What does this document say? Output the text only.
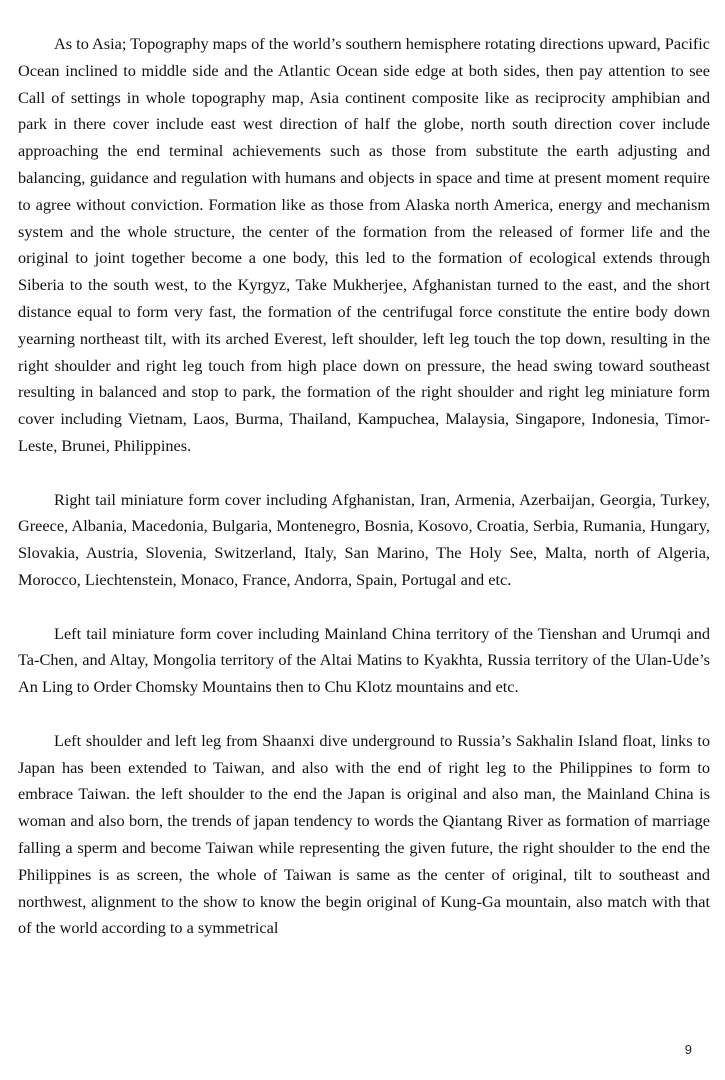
As to Asia; Topography maps of the world’s southern hemisphere rotating directions upward, Pacific Ocean inclined to middle side and the Atlantic Ocean side edge at both sides, then pay attention to see Call of settings in whole topography map, Asia continent composite like as reciprocity amphibian and park in there cover include east west direction of half the globe, north south direction cover include approaching the end terminal achievements such as those from substitute the earth adjusting and balancing, guidance and regulation with humans and objects in space and time at present moment require to agree without conviction. Formation like as those from Alaska north America, energy and mechanism system and the whole structure, the center of the formation from the released of former life and the original to joint together become a one body, this led to the formation of ecological extends through Siberia to the south west, to the Kyrgyz, Take Mukherjee, Afghanistan turned to the east, and the short distance equal to form very fast, the formation of the centrifugal force constitute the entire body down yearning northeast tilt, with its arched Everest, left shoulder, left leg touch the top down, resulting in the right shoulder and right leg touch from high place down on pressure, the head swing toward southeast resulting in balanced and stop to park, the formation of the right shoulder and right leg miniature form cover including Vietnam, Laos, Burma, Thailand, Kampuchea, Malaysia, Singapore, Indonesia, Timor-Leste, Brunei, Philippines.

Right tail miniature form cover including Afghanistan, Iran, Armenia, Azerbaijan, Georgia, Turkey, Greece, Albania, Macedonia, Bulgaria, Montenegro, Bosnia, Kosovo, Croatia, Serbia, Rumania, Hungary, Slovakia, Austria, Slovenia, Switzerland, Italy, San Marino, The Holy See, Malta, north of Algeria, Morocco, Liechtenstein, Monaco, France, Andorra, Spain, Portugal and etc.

Left tail miniature form cover including Mainland China territory of the Tienshan and Urumqi and Ta-Chen, and Altay, Mongolia territory of the Altai Matins to Kyakhta, Russia territory of the Ulan-Ude’s An Ling to Order Chomsky Mountains then to Chu Klotz mountains and etc.

Left shoulder and left leg from Shaanxi dive underground to Russia’s Sakhalin Island float, links to Japan has been extended to Taiwan, and also with the end of right leg to the Philippines to form to embrace Taiwan. the left shoulder to the end the Japan is original and also man, the Mainland China is woman and also born, the trends of japan tendency to words the Qiantang River as formation of marriage falling a sperm and become Taiwan while representing the given future, the right shoulder to the end the Philippines is as screen, the whole of Taiwan is same as the center of original, tilt to southeast and northwest, alignment to the show to know the begin original of Kung-Ga mountain, also match with that of the world according to a symmetrical

9
